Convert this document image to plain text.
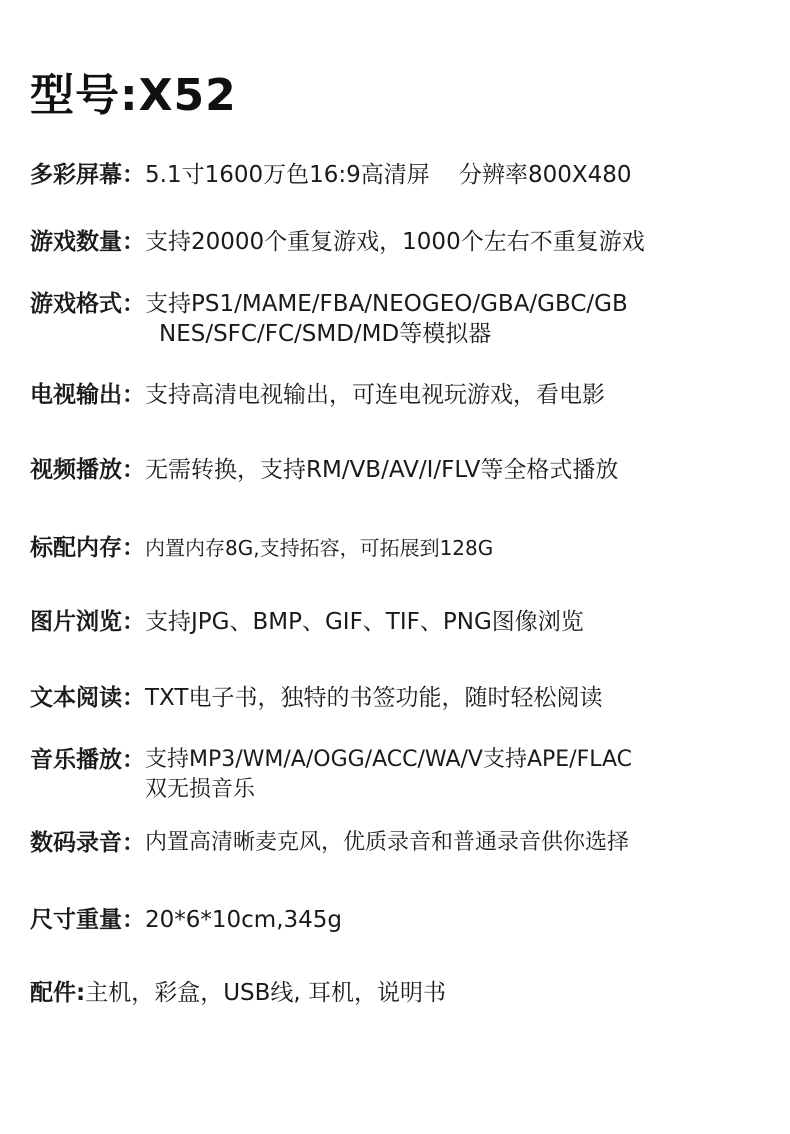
型号:X52
多彩屏幕： 5.1寸1600万色16:9高清屏    分辨率800X480
游戏数量： 支持20000个重复游戏，1000个左右不重复游戏
游戏格式： 支持PS1/MAME/FBA/NEOGEO/GBA/GBC/GB
NES/SFC/FC/SMD/MD等模拟器
电视输出： 支持高清电视输出，可连电视玩游戏，看电影
视频播放： 无需转换，支持RM/VB/AV/I/FLV等全格式播放
标配内存： 内置内存8G,支持拓容，可拓展到128G
图片浏览： 支持JPG、BMP、GIF、TIF、PNG图像浏览
文本阅读： TXT电子书，独特的书签功能，随时轻松阅读
音乐播放： 支持MP3/WM/A/OGG/ACC/WA/V支持APE/FLAC
双无损音乐
数码录音： 内置高清晰麦克风，优质录音和普通录音供你选择
尺寸重量： 20*6*10cm,345g
配件: 主机，彩盒，USB线, 耳机，说明书
